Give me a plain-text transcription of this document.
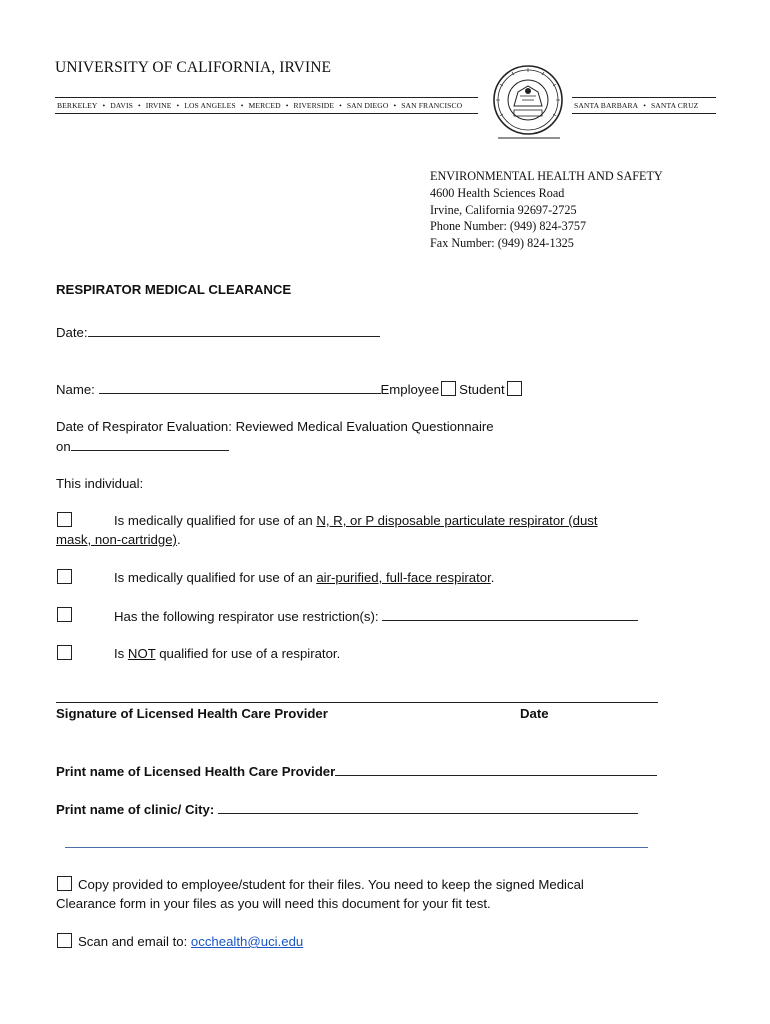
UNIVERSITY OF CALIFORNIA, IRVINE
BERKELEY • DAVIS • IRVINE • LOS ANGELES • MERCED • RIVERSIDE • SAN DIEGO • SAN FRANCISCO	SANTA BARBARA • SANTA CRUZ
ENVIRONMENTAL HEALTH AND SAFETY
4600 Health Sciences Road
Irvine, California 92697-2725
Phone Number: (949) 824-3757
Fax Number: (949) 824-1325
RESPIRATOR MEDICAL CLEARANCE
Date:
Name:	Employee Student
Date of Respirator Evaluation: Reviewed Medical Evaluation Questionnaire
on
This individual:
Is medically qualified for use of an N, R, or P disposable particulate respirator (dust
mask, non-cartridge).
Is medically qualified for use of an air-purified, full-face respirator.
Has the following respirator use restriction(s):
Is NOT qualified for use of a respirator.
Signature of Licensed Health Care Provider	Date
Print name of Licensed Health Care Provider
Print name of clinic/ City:
Copy provided to employee/student for their files. You need to keep the signed Medical
Clearance form in your files as you will need this document for your fit test.
Scan and email to: occhealth@uci.edu
